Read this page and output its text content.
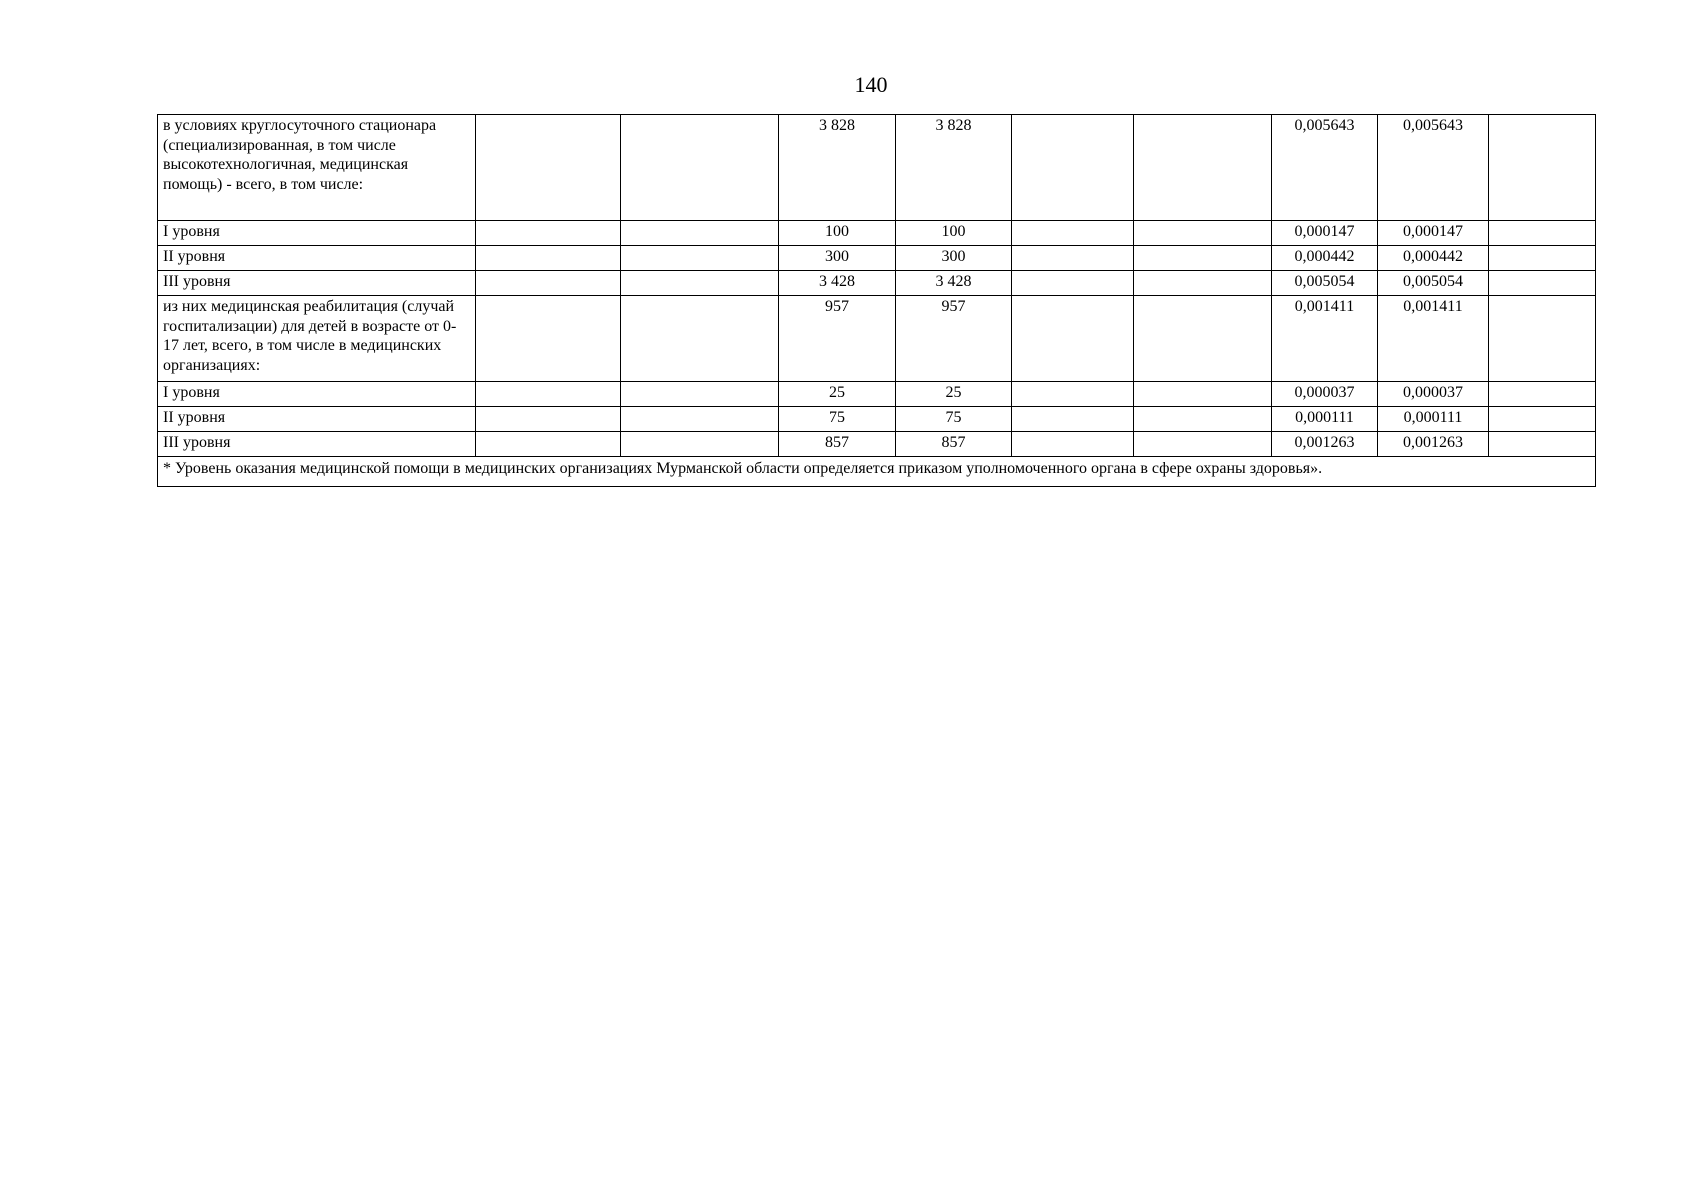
140
в условиях круглосуточного стационара (специализированная, в том числе высокотехнологичная, медицинская помощь) - всего, в том числе:			3 828	3 828			0,005643	0,005643	
I уровня			100	100			0,000147	0,000147	
II уровня			300	300			0,000442	0,000442	
III уровня			3 428	3 428			0,005054	0,005054	
из них медицинская реабилитация (случай госпитализации) для детей в возрасте от 0-17 лет, всего, в том числе в медицинских организациях:			957	957			0,001411	0,001411	
I уровня			25	25			0,000037	0,000037	
II уровня			75	75			0,000111	0,000111	
III уровня			857	857			0,001263	0,001263	
* Уровень оказания медицинской помощи в медицинских организациях Мурманской области определяется приказом уполномоченного органа в сфере охраны здоровья».									
